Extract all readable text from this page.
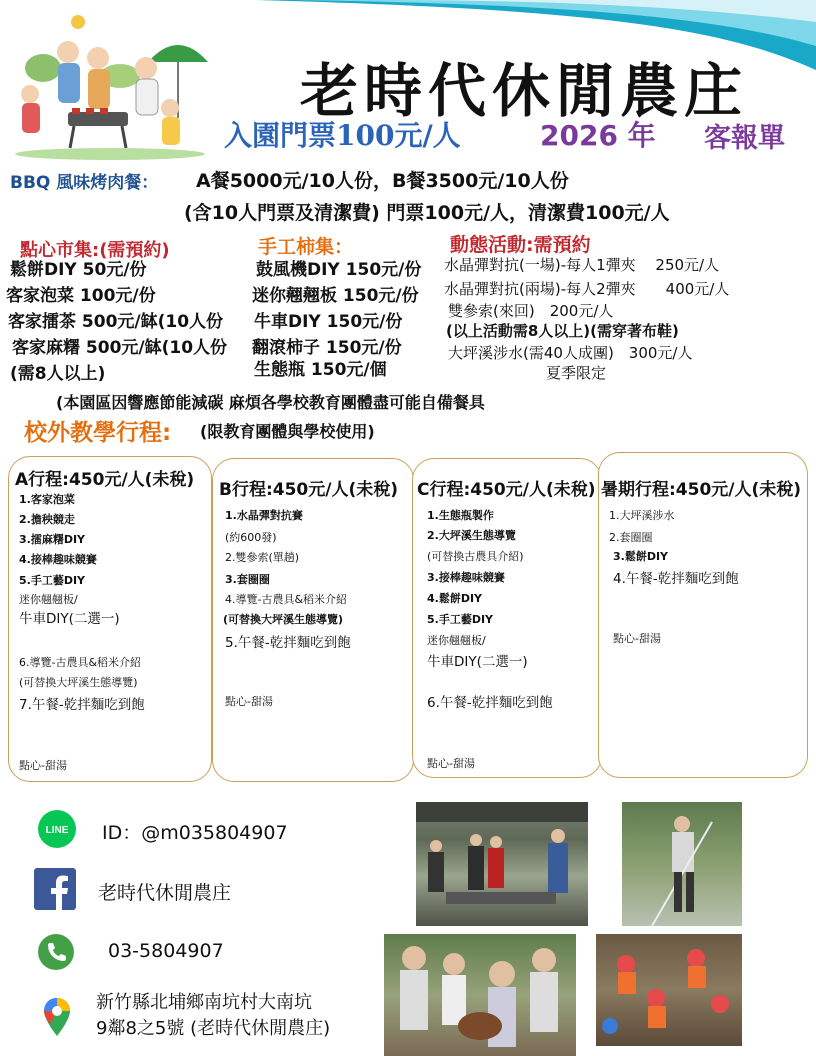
老時代休閒農庄
入園門票100元/人	2026 年 客報單
BBQ 風味烤肉餐： A餐5000元/10人份，B餐3500元/10人份
(含10人門票及清潔費) 門票100元/人，清潔費100元/人
點心市集:(需預約)
鬆餅DIY 50元/份
客家泡菜 100元/份
客家擂茶 500元/缽(10人份
客家麻糬 500元/缽(10人份
(需8人以上)
手工柿集：
鼓風機DIY 150元/份
迷你翹翹板 150元/份
牛車DIY 150元/份
翻滾柿子 150元/份
生態瓶 150元/個
動態活動:需預約
水晶彈對抗(一場)-每人1彈夾　 250元/人
水晶彈對抗(兩場)-每人2彈夾　　400元/人
雙參索(來回)　200元/人
(以上活動需8人以上)(需穿著布鞋)
大坪溪涉水(需40人成團)　300元/人
夏季限定
(本園區因響應節能減碳 麻煩各學校教育團體盡可能自備餐具
校外教學行程: (限教育團體與學校使用)
A行程:450元/人(未稅)
1.客家泡菜
2.擔秧競走
3.擂麻糬DIY
4.接棒趣味競賽
5.手工藝DIY
迷你翹翹板/
牛車DIY(二選一)
6.導覽-古農具&稻米介紹
(可替換大坪溪生態導覽)
7.午餐-乾拌麵吃到飽
點心-甜湯
B行程:450元/人(未稅)
1.水晶彈對抗賽
(約600發)
2.雙參索(單趟)
3.套圈圈
4.導覽-古農具&稻米介紹
(可替換大坪溪生態導覽)
5.午餐-乾拌麵吃到飽
點心-甜湯
C行程:450元/人(未稅)
1.生態瓶製作
2.大坪溪生態導覽
(可替換古農具介紹)
3.接棒趣味競賽
4.鬆餅DIY
5.手工藝DIY
迷你翹翹板/
牛車DIY(二選一)
6.午餐-乾拌麵吃到飽
點心-甜湯
暑期行程:450元/人(未稅)
1.大坪溪涉水
2.套圈圈
3.鬆餅DIY
4.午餐-乾拌麵吃到飽
點心-甜湯
LINE ID：@m035804907
老時代休閒農庄
03-5804907
新竹縣北埔鄉南坑村大南坑
9鄰8之5號 (老時代休閒農庄)
